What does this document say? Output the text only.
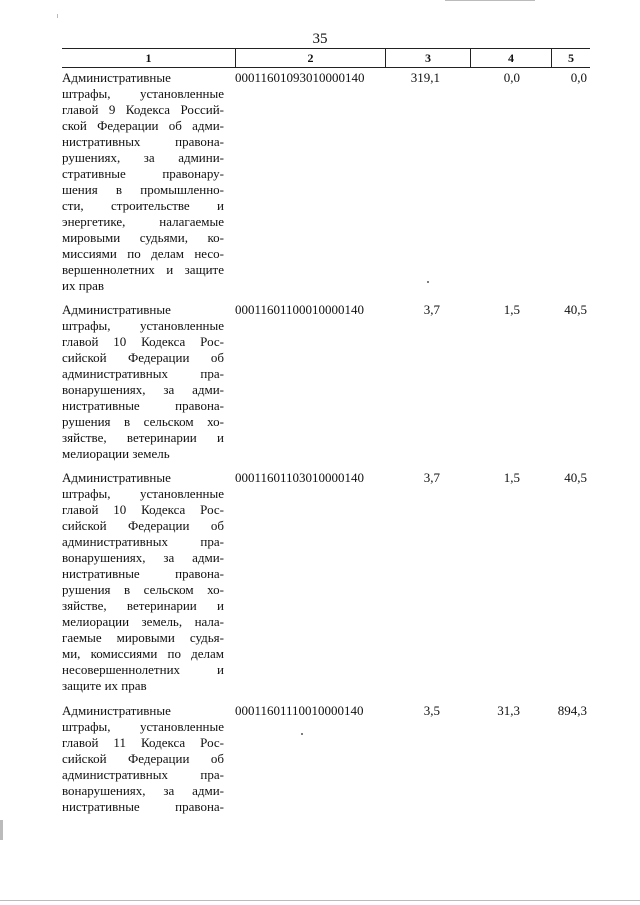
35
1	2	3	4	5
Административные
штрафы, установленные
главой 9 Кодекса Россий-
ской Федерации об адми-
нистративных правона-
рушениях, за админи-
стративные правонару-
шения в промышленно-
сти, строительстве и
энергетике, налагаемые
мировыми судьями, ко-
миссиями по делам несо-
вершеннолетних и защите
их прав
00011601093010000140	319,1	0,0	0,0
Административные
штрафы, установленные
главой 10 Кодекса Рос-
сийской Федерации об
административных пра-
вонарушениях, за адми-
нистративные правона-
рушения в сельском хо-
зяйстве, ветеринарии и
мелиорации земель
00011601100010000140	3,7	1,5	40,5
Административные
штрафы, установленные
главой 10 Кодекса Рос-
сийской Федерации об
административных пра-
вонарушениях, за адми-
нистративные правона-
рушения в сельском хо-
зяйстве, ветеринарии и
мелиорации земель, нала-
гаемые мировыми судья-
ми, комиссиями по делам
несовершеннолетних и
защите их прав
00011601103010000140	3,7	1,5	40,5
Административные
штрафы, установленные
главой 11 Кодекса Рос-
сийской Федерации об
административных пра-
вонарушениях, за адми-
нистративные правона-
00011601110010000140	3,5	31,3	894,3
